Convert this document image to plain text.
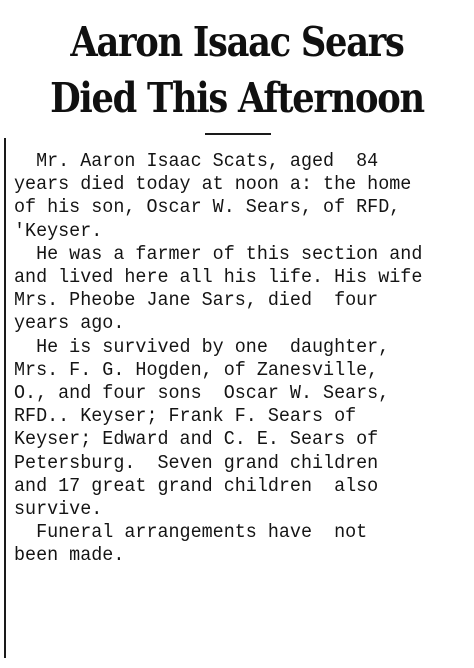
Aaron Isaac Sears
Died This Afternoon
Mr. Aaron Isaac Scats, aged  84
years died today at noon a: the home
of his son, Oscar W. Sears, of RFD,
'Keyser.
He was a farmer of this section and
and lived here all his life. His wife
Mrs. Pheobe Jane Sars, died  four
years ago.
He is survived by one  daughter,
Mrs. F. G. Hogden, of Zanesville,
O., and four sons  Oscar W. Sears,
RFD.. Keyser; Frank F. Sears of
Keyser; Edward and C. E. Sears of
Petersburg.  Seven grand children
and 17 great grand children  also
survive.
Funeral arrangements have  not
been made.
